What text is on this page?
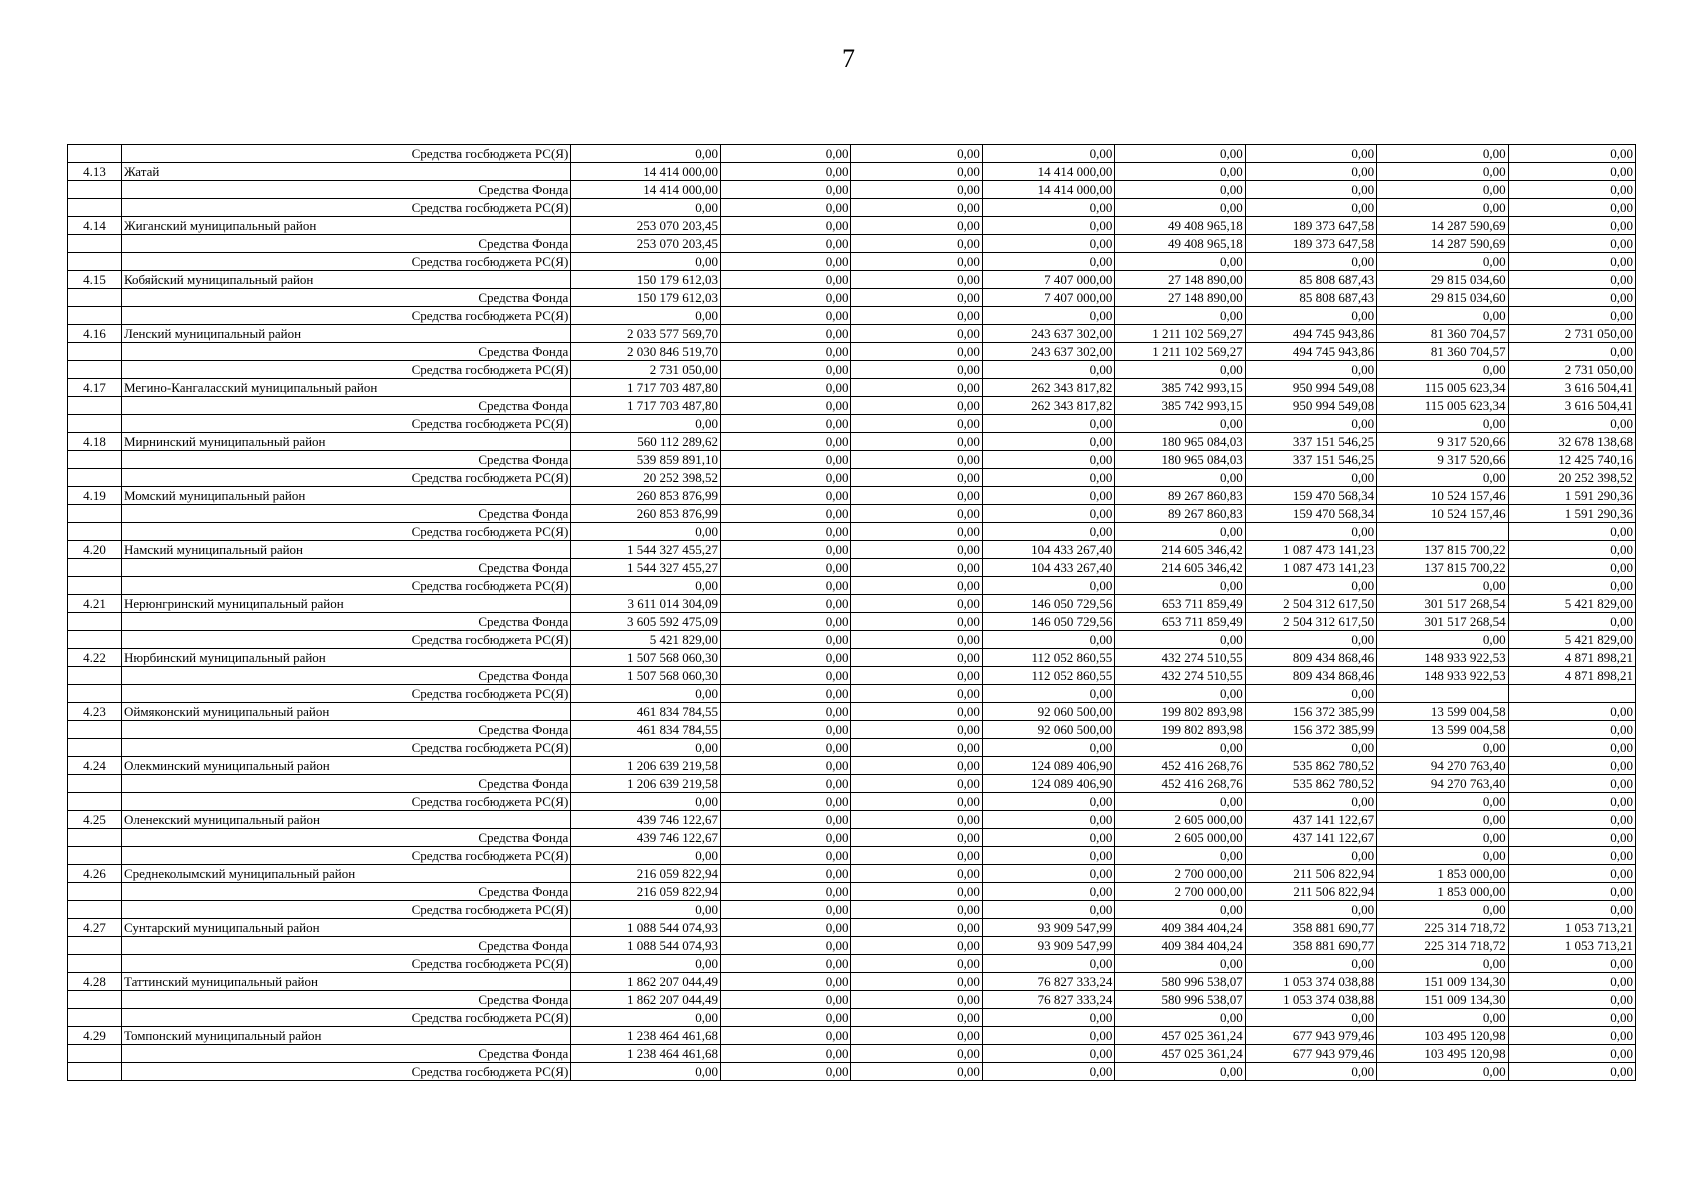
7
	Средства госбюджета РС(Я)	0,00	0,00	0,00	0,00	0,00	0,00	0,00	0,00
4.13	Жатай	14 414 000,00	0,00	0,00	14 414 000,00	0,00	0,00	0,00	0,00
	Средства Фонда	14 414 000,00	0,00	0,00	14 414 000,00	0,00	0,00	0,00	0,00
	Средства госбюджета РС(Я)	0,00	0,00	0,00	0,00	0,00	0,00	0,00	0,00
4.14	Жиганский муниципальный район	253 070 203,45	0,00	0,00	0,00	49 408 965,18	189 373 647,58	14 287 590,69	0,00
	Средства Фонда	253 070 203,45	0,00	0,00	0,00	49 408 965,18	189 373 647,58	14 287 590,69	0,00
	Средства госбюджета РС(Я)	0,00	0,00	0,00	0,00	0,00	0,00	0,00	0,00
4.15	Кобяйский муниципальный район	150 179 612,03	0,00	0,00	7 407 000,00	27 148 890,00	85 808 687,43	29 815 034,60	0,00
	Средства Фонда	150 179 612,03	0,00	0,00	7 407 000,00	27 148 890,00	85 808 687,43	29 815 034,60	0,00
	Средства госбюджета РС(Я)	0,00	0,00	0,00	0,00	0,00	0,00	0,00	0,00
4.16	Ленский муниципальный район	2 033 577 569,70	0,00	0,00	243 637 302,00	1 211 102 569,27	494 745 943,86	81 360 704,57	2 731 050,00
	Средства Фонда	2 030 846 519,70	0,00	0,00	243 637 302,00	1 211 102 569,27	494 745 943,86	81 360 704,57	0,00
	Средства госбюджета РС(Я)	2 731 050,00	0,00	0,00	0,00	0,00	0,00	0,00	2 731 050,00
4.17	Мегино-Кангаласский муниципальный район	1 717 703 487,80	0,00	0,00	262 343 817,82	385 742 993,15	950 994 549,08	115 005 623,34	3 616 504,41
	Средства Фонда	1 717 703 487,80	0,00	0,00	262 343 817,82	385 742 993,15	950 994 549,08	115 005 623,34	3 616 504,41
	Средства госбюджета РС(Я)	0,00	0,00	0,00	0,00	0,00	0,00	0,00	0,00
4.18	Мирнинский муниципальный район	560 112 289,62	0,00	0,00	0,00	180 965 084,03	337 151 546,25	9 317 520,66	32 678 138,68
	Средства Фонда	539 859 891,10	0,00	0,00	0,00	180 965 084,03	337 151 546,25	9 317 520,66	12 425 740,16
	Средства госбюджета РС(Я)	20 252 398,52	0,00	0,00	0,00	0,00	0,00	0,00	20 252 398,52
4.19	Момский муниципальный район	260 853 876,99	0,00	0,00	0,00	89 267 860,83	159 470 568,34	10 524 157,46	1 591 290,36
	Средства Фонда	260 853 876,99	0,00	0,00	0,00	89 267 860,83	159 470 568,34	10 524 157,46	1 591 290,36
	Средства госбюджета РС(Я)	0,00	0,00	0,00	0,00	0,00	0,00		0,00
4.20	Намский муниципальный район	1 544 327 455,27	0,00	0,00	104 433 267,40	214 605 346,42	1 087 473 141,23	137 815 700,22	0,00
	Средства Фонда	1 544 327 455,27	0,00	0,00	104 433 267,40	214 605 346,42	1 087 473 141,23	137 815 700,22	0,00
	Средства госбюджета РС(Я)	0,00	0,00	0,00	0,00	0,00	0,00	0,00	0,00
4.21	Нерюнгринский муниципальный район	3 611 014 304,09	0,00	0,00	146 050 729,56	653 711 859,49	2 504 312 617,50	301 517 268,54	5 421 829,00
	Средства Фонда	3 605 592 475,09	0,00	0,00	146 050 729,56	653 711 859,49	2 504 312 617,50	301 517 268,54	0,00
	Средства госбюджета РС(Я)	5 421 829,00	0,00	0,00	0,00	0,00	0,00	0,00	5 421 829,00
4.22	Нюрбинский муниципальный район	1 507 568 060,30	0,00	0,00	112 052 860,55	432 274 510,55	809 434 868,46	148 933 922,53	4 871 898,21
	Средства Фонда	1 507 568 060,30	0,00	0,00	112 052 860,55	432 274 510,55	809 434 868,46	148 933 922,53	4 871 898,21
	Средства госбюджета РС(Я)	0,00	0,00	0,00	0,00	0,00	0,00		
4.23	Оймяконский муниципальный район	461 834 784,55	0,00	0,00	92 060 500,00	199 802 893,98	156 372 385,99	13 599 004,58	0,00
	Средства Фонда	461 834 784,55	0,00	0,00	92 060 500,00	199 802 893,98	156 372 385,99	13 599 004,58	0,00
	Средства госбюджета РС(Я)	0,00	0,00	0,00	0,00	0,00	0,00	0,00	0,00
4.24	Олекминский муниципальный район	1 206 639 219,58	0,00	0,00	124 089 406,90	452 416 268,76	535 862 780,52	94 270 763,40	0,00
	Средства Фонда	1 206 639 219,58	0,00	0,00	124 089 406,90	452 416 268,76	535 862 780,52	94 270 763,40	0,00
	Средства госбюджета РС(Я)	0,00	0,00	0,00	0,00	0,00	0,00	0,00	0,00
4.25	Оленекский муниципальный район	439 746 122,67	0,00	0,00	0,00	2 605 000,00	437 141 122,67	0,00	0,00
	Средства Фонда	439 746 122,67	0,00	0,00	0,00	2 605 000,00	437 141 122,67	0,00	0,00
	Средства госбюджета РС(Я)	0,00	0,00	0,00	0,00	0,00	0,00	0,00	0,00
4.26	Среднеколымский муниципальный район	216 059 822,94	0,00	0,00	0,00	2 700 000,00	211 506 822,94	1 853 000,00	0,00
	Средства Фонда	216 059 822,94	0,00	0,00	0,00	2 700 000,00	211 506 822,94	1 853 000,00	0,00
	Средства госбюджета РС(Я)	0,00	0,00	0,00	0,00	0,00	0,00	0,00	0,00
4.27	Сунтарский муниципальный район	1 088 544 074,93	0,00	0,00	93 909 547,99	409 384 404,24	358 881 690,77	225 314 718,72	1 053 713,21
	Средства Фонда	1 088 544 074,93	0,00	0,00	93 909 547,99	409 384 404,24	358 881 690,77	225 314 718,72	1 053 713,21
	Средства госбюджета РС(Я)	0,00	0,00	0,00	0,00	0,00	0,00	0,00	0,00
4.28	Таттинский муниципальный район	1 862 207 044,49	0,00	0,00	76 827 333,24	580 996 538,07	1 053 374 038,88	151 009 134,30	0,00
	Средства Фонда	1 862 207 044,49	0,00	0,00	76 827 333,24	580 996 538,07	1 053 374 038,88	151 009 134,30	0,00
	Средства госбюджета РС(Я)	0,00	0,00	0,00	0,00	0,00	0,00	0,00	0,00
4.29	Томпонский муниципальный район	1 238 464 461,68	0,00	0,00	0,00	457 025 361,24	677 943 979,46	103 495 120,98	0,00
	Средства Фонда	1 238 464 461,68	0,00	0,00	0,00	457 025 361,24	677 943 979,46	103 495 120,98	0,00
	Средства госбюджета РС(Я)	0,00	0,00	0,00	0,00	0,00	0,00	0,00	0,00
